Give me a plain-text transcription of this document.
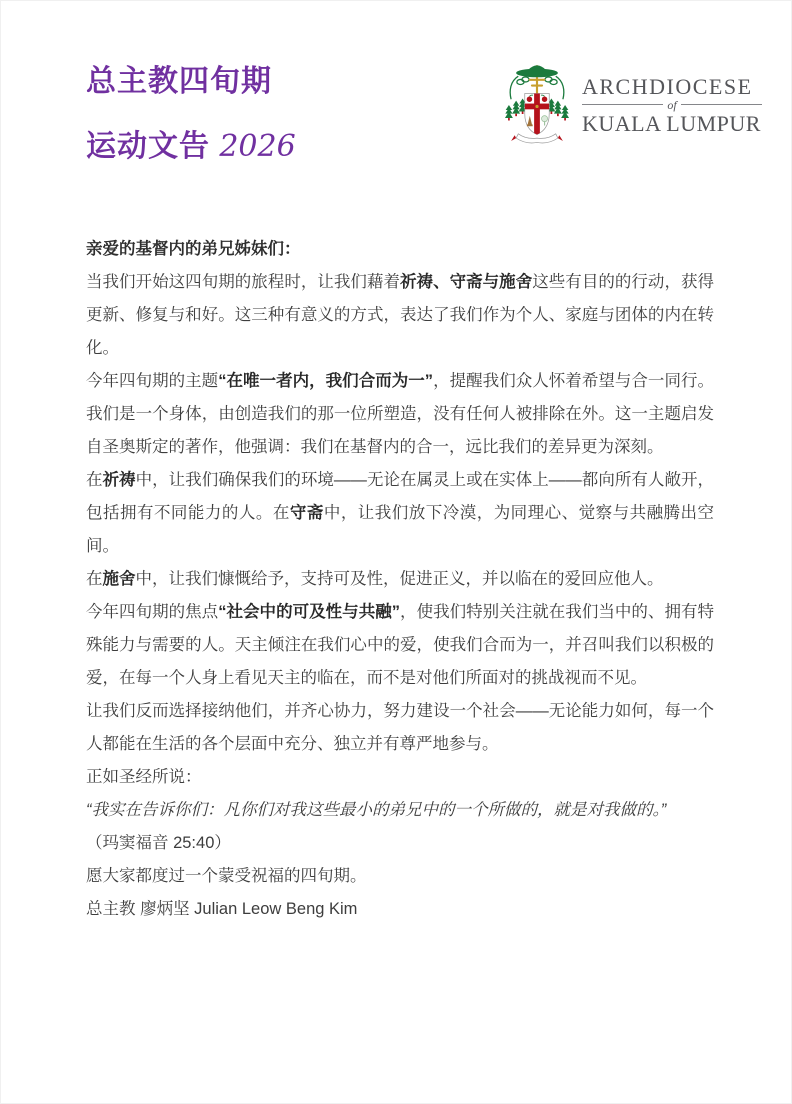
总主教四旬期
运动文告 2026
ARCHDIOCESE
of
KUALA LUMPUR

亲爱的基督内的弟兄姊妹们：

当我们开始这四旬期的旅程时，让我们藉着祈祷、守斋与施舍这些有目的的行动，获得更新、修复与和好。这三种有意义的方式，表达了我们作为个人、家庭与团体的内在转化。

今年四旬期的主题“在唯一者内，我们合而为一”，提醒我们众人怀着希望与合一同行。我们是一个身体，由创造我们的那一位所塑造，没有任何人被排除在外。这一主题启发自圣奥斯定的著作，他强调：我们在基督内的合一，远比我们的差异更为深刻。

在祈祷中，让我们确保我们的环境——无论在属灵上或在实体上——都向所有人敞开，包括拥有不同能力的人。在守斋中，让我们放下冷漠，为同理心、觉察与共融腾出空间。

在施舍中，让我们慷慨给予，支持可及性，促进正义，并以临在的爱回应他人。

今年四旬期的焦点“社会中的可及性与共融”，使我们特别关注就在我们当中的、拥有特殊能力与需要的人。天主倾注在我们心中的爱，使我们合而为一，并召叫我们以积极的爱，在每一个人身上看见天主的临在，而不是对他们所面对的挑战视而不见。

让我们反而选择接纳他们，并齐心协力，努力建设一个社会——无论能力如何，每一个人都能在生活的各个层面中充分、独立并有尊严地参与。

正如圣经所说：
“我实在告诉你们：凡你们对我这些最小的弟兄中的一个所做的，就是对我做的。”
（玛窦福音 25:40）

愿大家都度过一个蒙受祝福的四旬期。

总主教 廖炳坚 Julian Leow Beng Kim
